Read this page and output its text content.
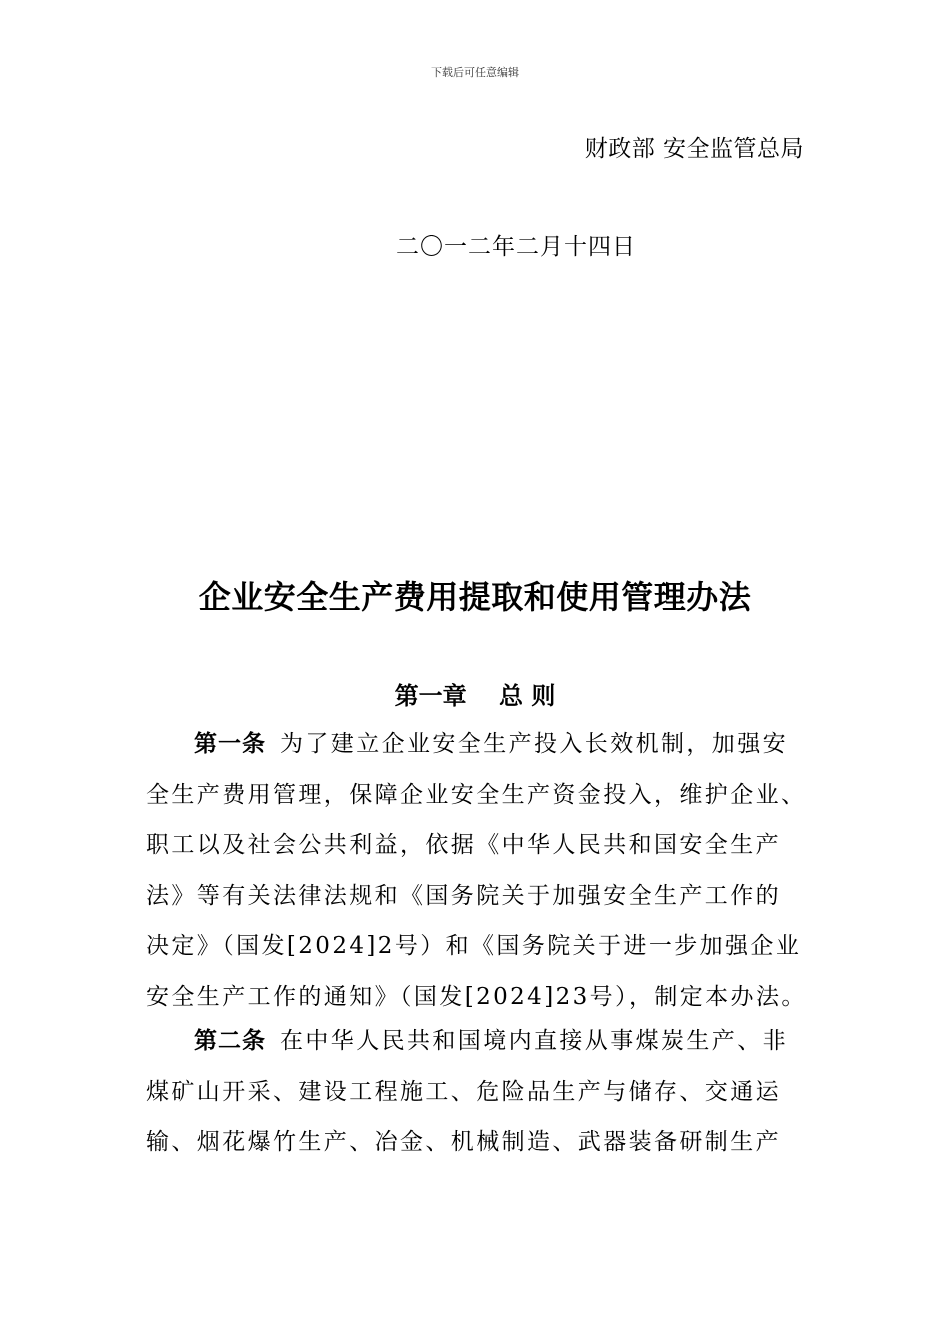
下载后可任意编辑
财政部 安全监管总局
二〇一二年二月十四日
企业安全生产费用提取和使用管理办法
第一章　 总 则
第一条 为了建立企业安全生产投入长效机制，加强安
全生产费用管理，保障企业安全生产资金投入，维护企业、
职工以及社会公共利益，依据《中华人民共和国安全生产
法》等有关法律法规和《国务院关于加强安全生产工作的
决定》（国发[2024]2号）和《国务院关于进一步加强企业
安全生产工作的通知》（国发[2024]23号），制定本办法。
第二条 在中华人民共和国境内直接从事煤炭生产、非
煤矿山开采、建设工程施工、危险品生产与储存、交通运
输、烟花爆竹生产、冶金、机械制造、武器装备研制生产
